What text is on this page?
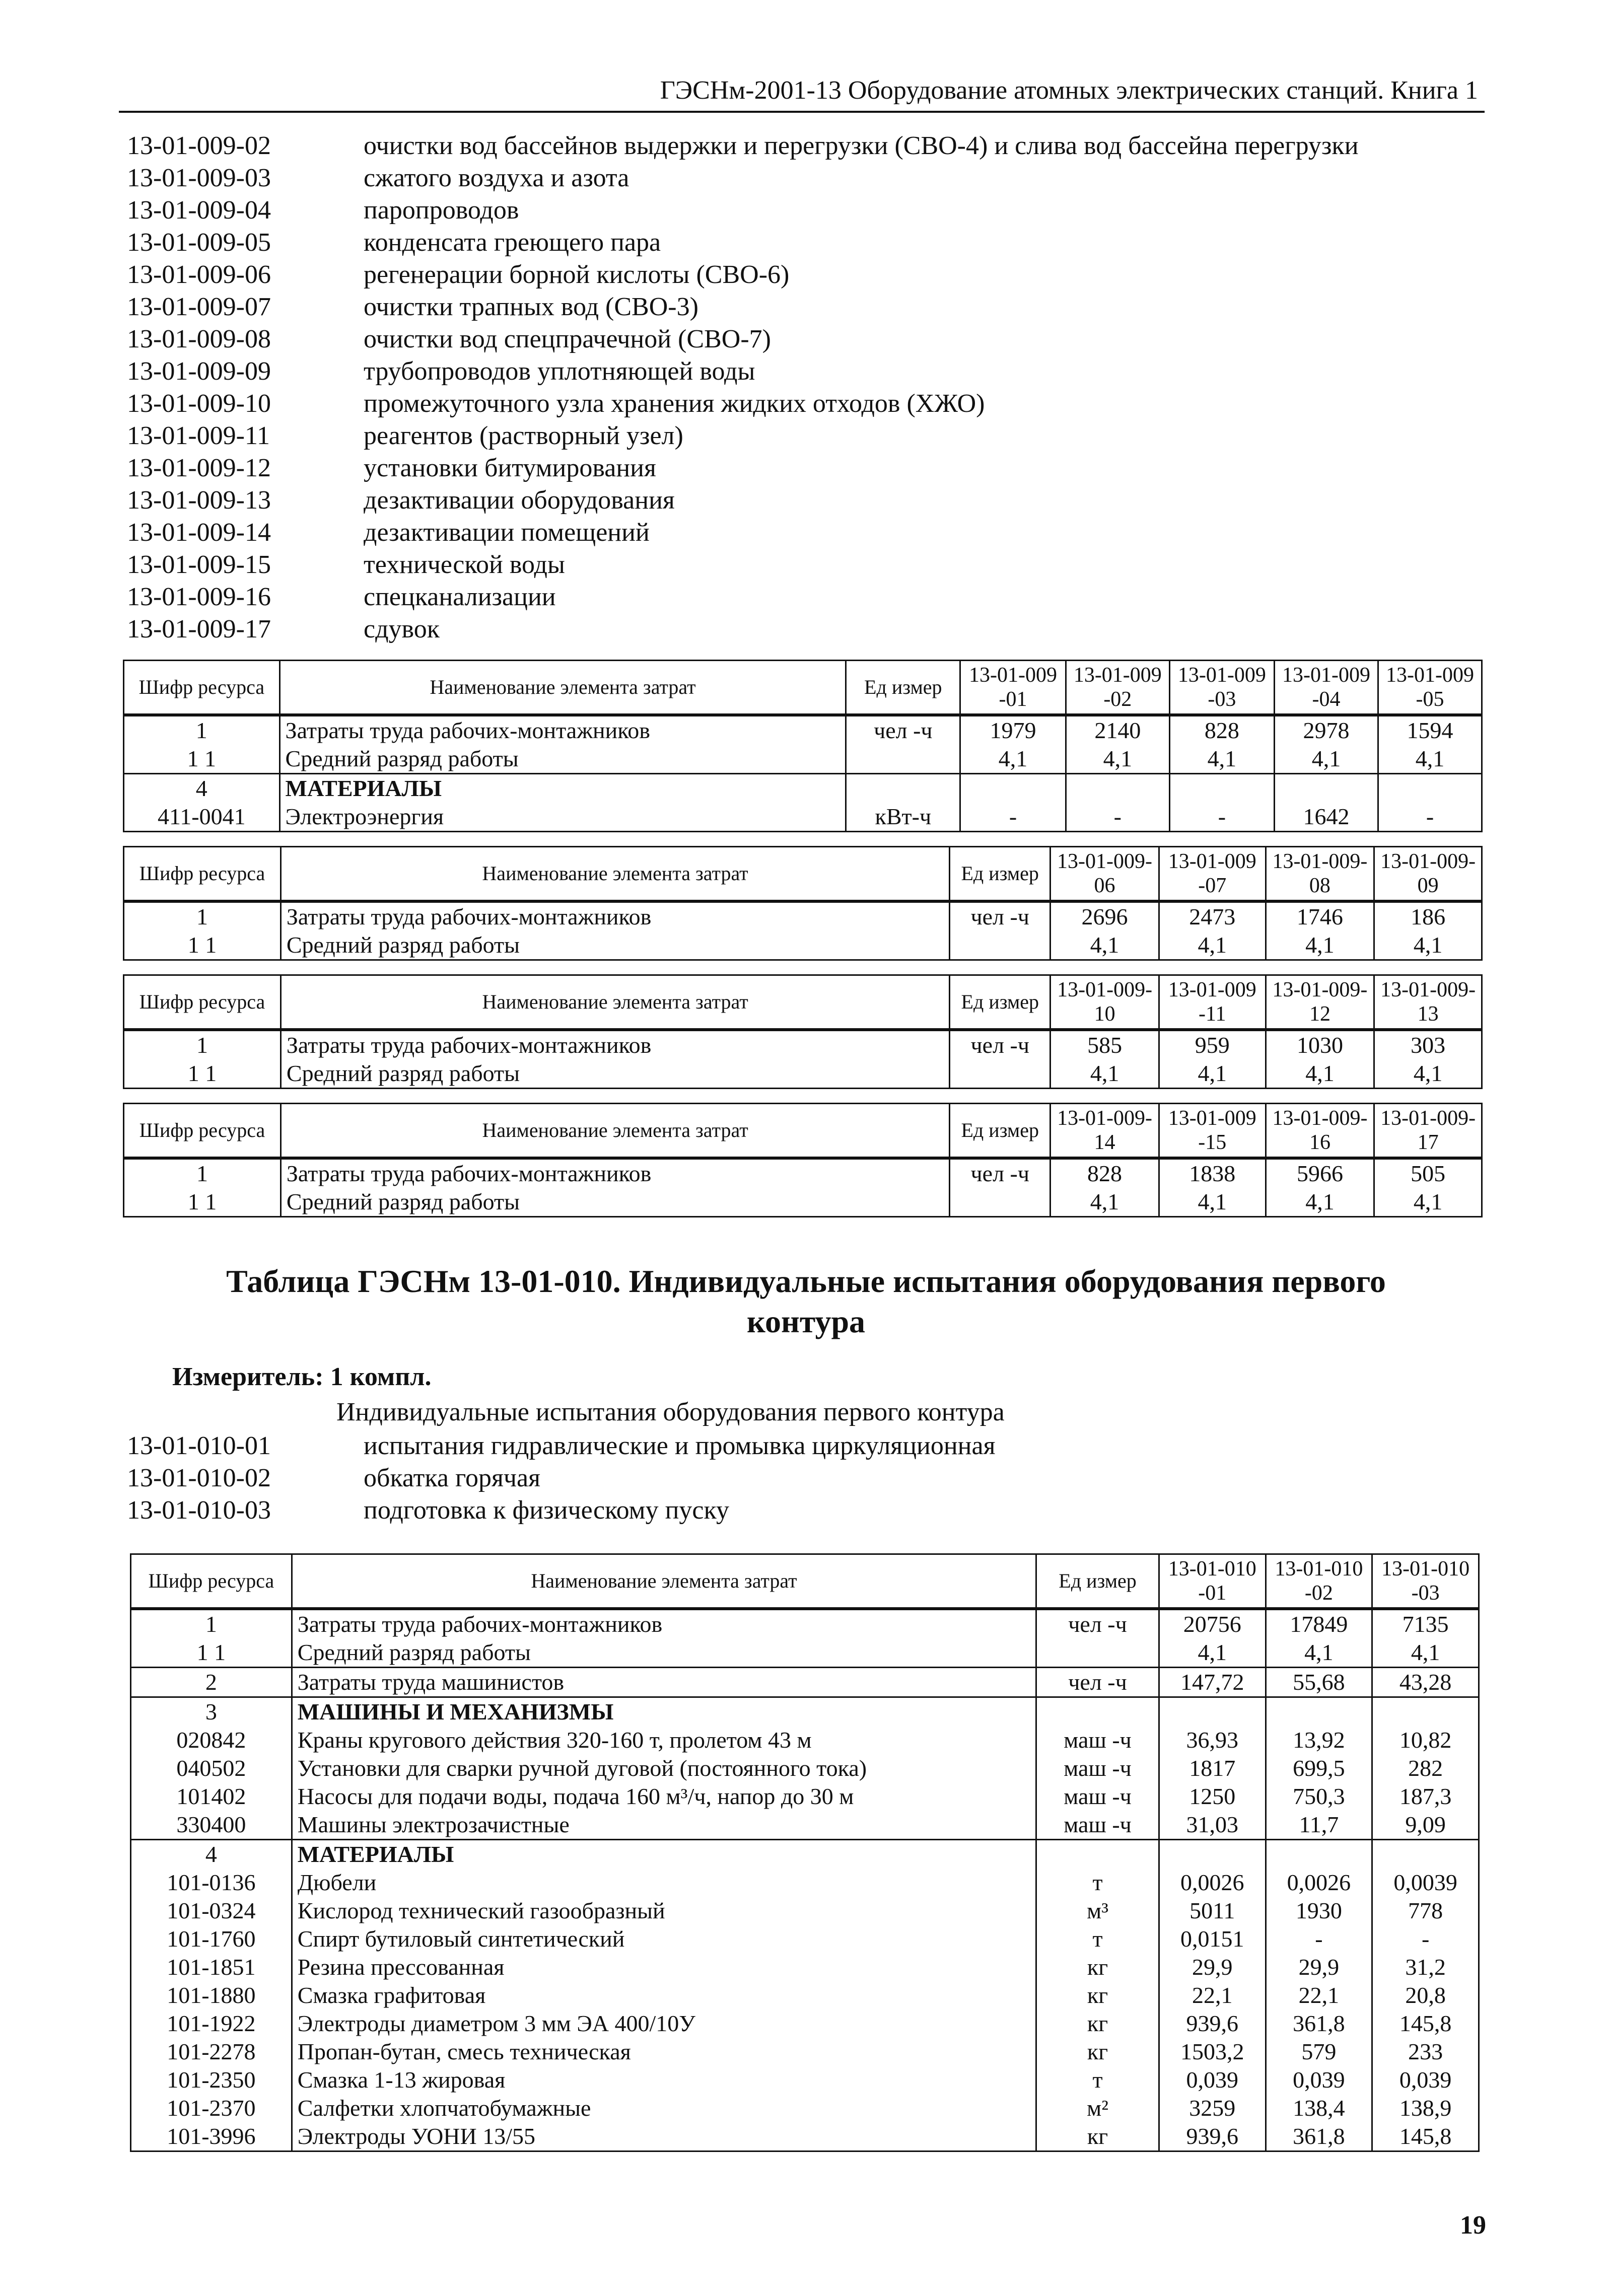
ГЭСНм-2001-13 Оборудование атомных электрических станций. Книга 1
13-01-009-02	очистки вод бассейнов выдержки и перегрузки (СВО-4) и слива вод бассейна перегрузки
13-01-009-03	сжатого воздуха и азота
13-01-009-04	паропроводов
13-01-009-05	конденсата греющего пара
13-01-009-06	регенерации борной кислоты (СВО-6)
13-01-009-07	очистки трапных вод (СВО-3)
13-01-009-08	очистки вод спецпрачечной (СВО-7)
13-01-009-09	трубопроводов уплотняющей воды
13-01-009-10	промежуточного узла хранения жидких отходов (ХЖО)
13-01-009-11	реагентов (растворный узел)
13-01-009-12	установки битумирования
13-01-009-13	дезактивации оборудования
13-01-009-14	дезактивации помещений
13-01-009-15	технической воды
13-01-009-16	спецканализации
13-01-009-17	сдувок
Шифр ресурса	Наименование элемента затрат	Ед измер	13-01-009-01	13-01-009-02	13-01-009-03	13-01-009-04	13-01-009-05
1	Затраты труда рабочих-монтажников	чел -ч	1979	2140	828	2978	1594
1 1	Средний разряд работы		4,1	4,1	4,1	4,1	4,1
4	МАТЕРИАЛЫ						
411-0041	Электроэнергия	кВт-ч	-	-	-	1642	-
Шифр ресурса	Наименование элемента затрат	Ед измер	13-01-009-06	13-01-009-07	13-01-009-08	13-01-009-09
1	Затраты труда рабочих-монтажников	чел -ч	2696	2473	1746	186
1 1	Средний разряд работы		4,1	4,1	4,1	4,1
Шифр ресурса	Наименование элемента затрат	Ед измер	13-01-009-10	13-01-009-11	13-01-009-12	13-01-009-13
1	Затраты труда рабочих-монтажников	чел -ч	585	959	1030	303
1 1	Средний разряд работы		4,1	4,1	4,1	4,1
Шифр ресурса	Наименование элемента затрат	Ед измер	13-01-009-14	13-01-009-15	13-01-009-16	13-01-009-17
1	Затраты труда рабочих-монтажников	чел -ч	828	1838	5966	505
1 1	Средний разряд работы		4,1	4,1	4,1	4,1
Таблица ГЭСНм 13-01-010. Индивидуальные испытания оборудования первого контура
Измеритель: 1 компл.
Индивидуальные испытания оборудования первого контура
13-01-010-01	испытания гидравлические и промывка циркуляционная
13-01-010-02	обкатка горячая
13-01-010-03	подготовка к физическому пуску
Шифр ресурса	Наименование элемента затрат	Ед измер	13-01-010-01	13-01-010-02	13-01-010-03
1	Затраты труда рабочих-монтажников	чел -ч	20756	17849	7135
1 1	Средний разряд работы		4,1	4,1	4,1
2	Затраты труда машинистов	чел -ч	147,72	55,68	43,28
3	МАШИНЫ И МЕХАНИЗМЫ				
020842	Краны кругового действия 320-160 т, пролетом 43 м	маш -ч	36,93	13,92	10,82
040502	Установки для сварки ручной дуговой (постоянного тока)	маш -ч	1817	699,5	282
101402	Насосы для подачи воды, подача 160 м³/ч, напор до 30 м	маш -ч	1250	750,3	187,3
330400	Машины электрозачистные	маш -ч	31,03	11,7	9,09
4	МАТЕРИАЛЫ				
101-0136	Дюбели	т	0,0026	0,0026	0,0039
101-0324	Кислород технический газообразный	м³	5011	1930	778
101-1760	Спирт бутиловый синтетический	т	0,0151	-	-
101-1851	Резина прессованная	кг	29,9	29,9	31,2
101-1880	Смазка графитовая	кг	22,1	22,1	20,8
101-1922	Электроды диаметром 3 мм ЭА 400/10У	кг	939,6	361,8	145,8
101-2278	Пропан-бутан, смесь техническая	кг	1503,2	579	233
101-2350	Смазка 1-13 жировая	т	0,039	0,039	0,039
101-2370	Салфетки хлопчатобумажные	м²	3259	138,4	138,9
101-3996	Электроды УОНИ 13/55	кг	939,6	361,8	145,8
19
